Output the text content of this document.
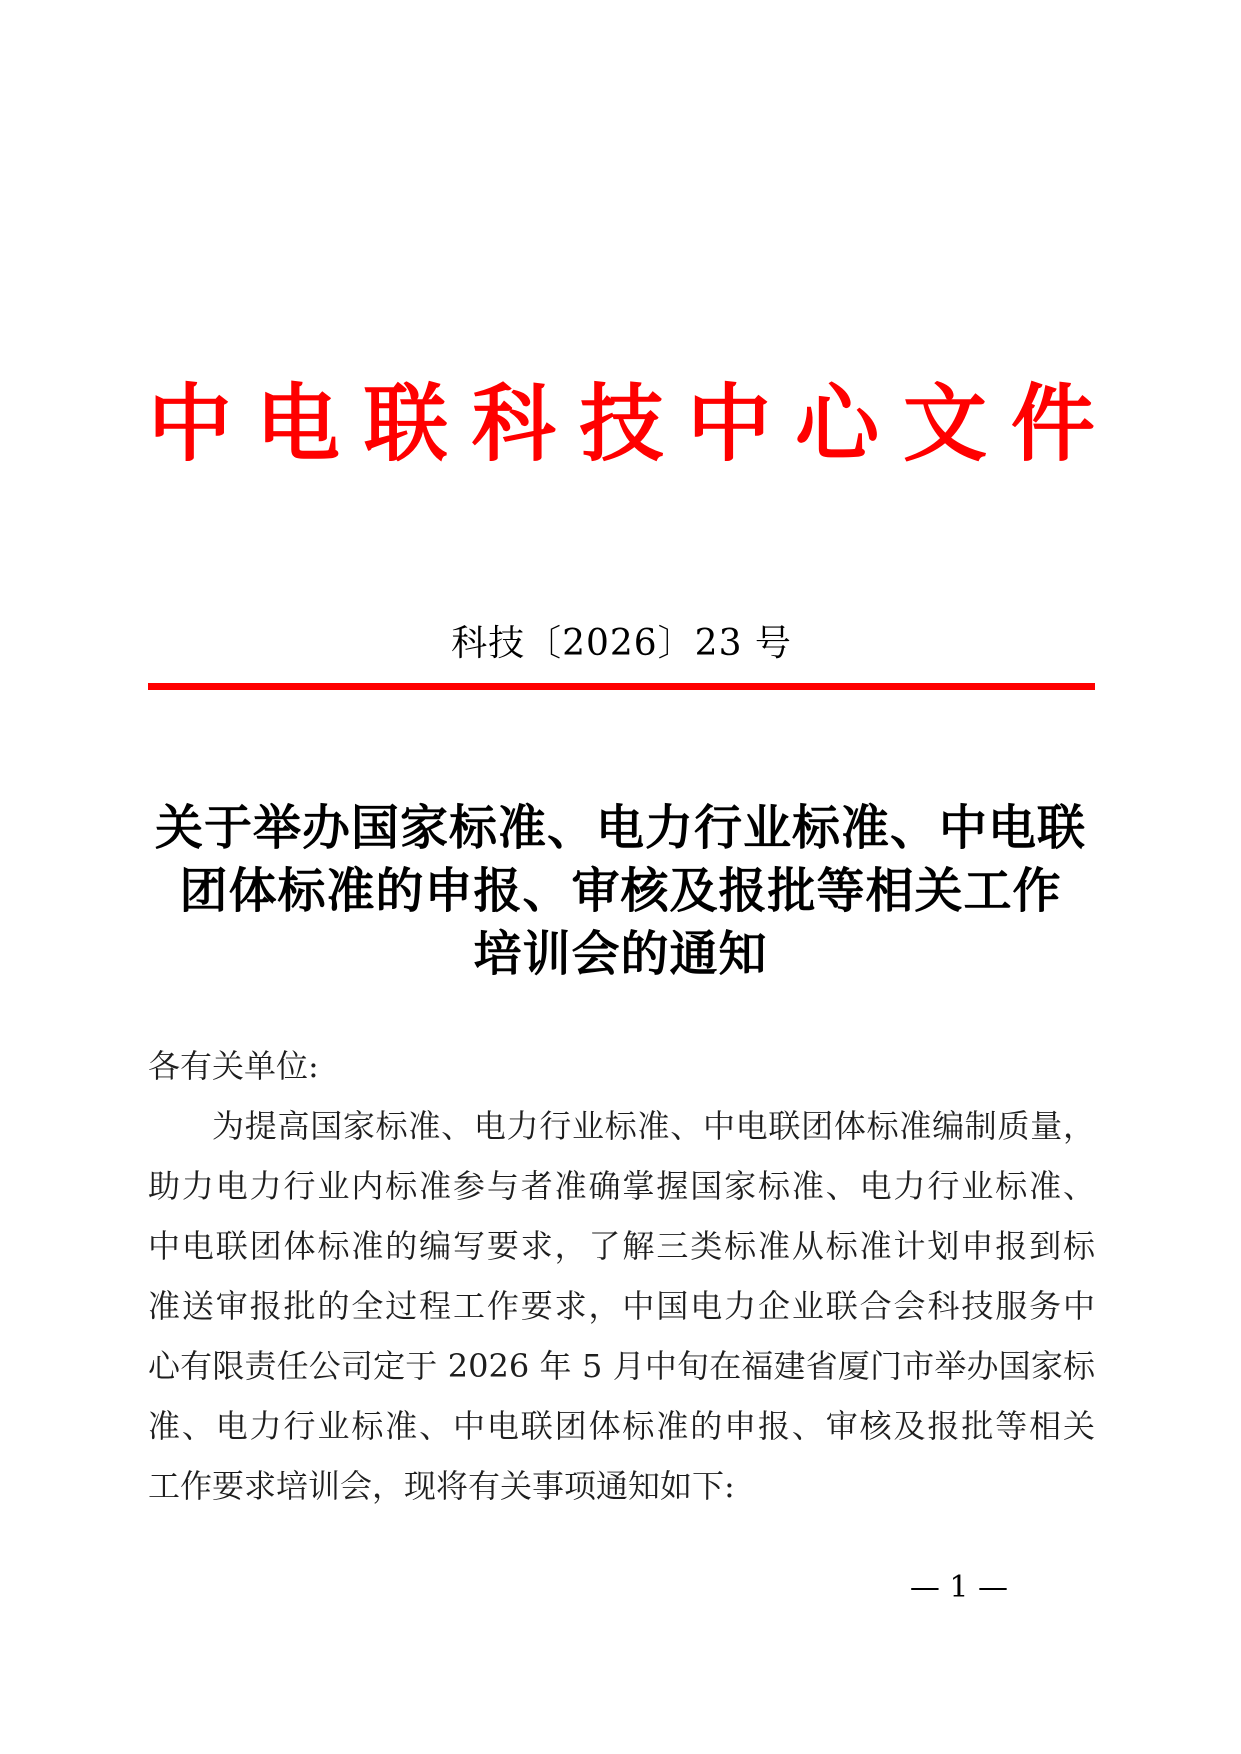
中 电 联 科 技 中 心 文 件
科技〔2026〕23 号
关于举办国家标准、电力行业标准、中电联
团体标准的申报、审核及报批等相关工作
培训会的通知
各有关单位:
为提高国家标准、电力行业标准、中电联团体标准编制质量，
助力电力行业内标准参与者准确掌握国家标准、电力行业标准、
中电联团体标准的编写要求，了解三类标准从标准计划申报到标
准送审报批的全过程工作要求，中国电力企业联合会科技服务中
心有限责任公司定于 2026 年 5 月中旬在福建省厦门市举办国家标
准、电力行业标准、中电联团体标准的申报、审核及报批等相关
工作要求培训会，现将有关事项通知如下:
— 1 —
